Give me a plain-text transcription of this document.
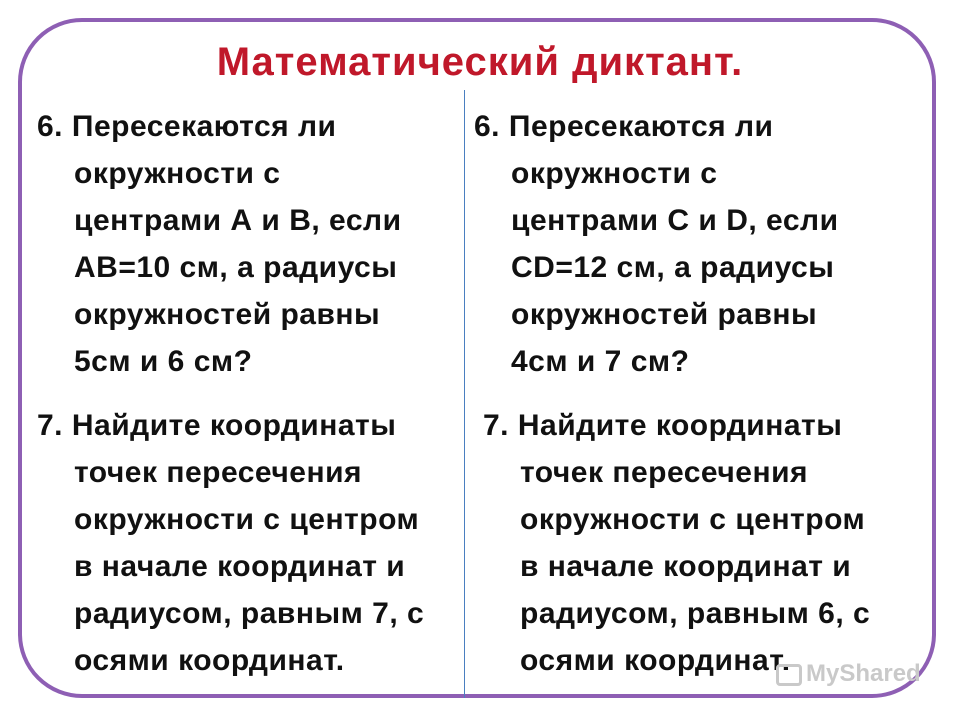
Математический диктант.
6. Пересекаются ли
окружности с
центрами А и В, если
АВ=10 см, а радиусы
окружностей равны
5см и 6 см?
6. Пересекаются ли
окружности с
центрами С и D, если
CD=12 см, а радиусы
окружностей равны
4см и 7 см?
7. Найдите координаты
точек пересечения
окружности с центром
в начале координат и
радиусом, равным 7, с
осями координат.
7. Найдите координаты
точек пересечения
окружности с центром
в начале координат и
радиусом, равным 6, с
осями координат. MyShared
